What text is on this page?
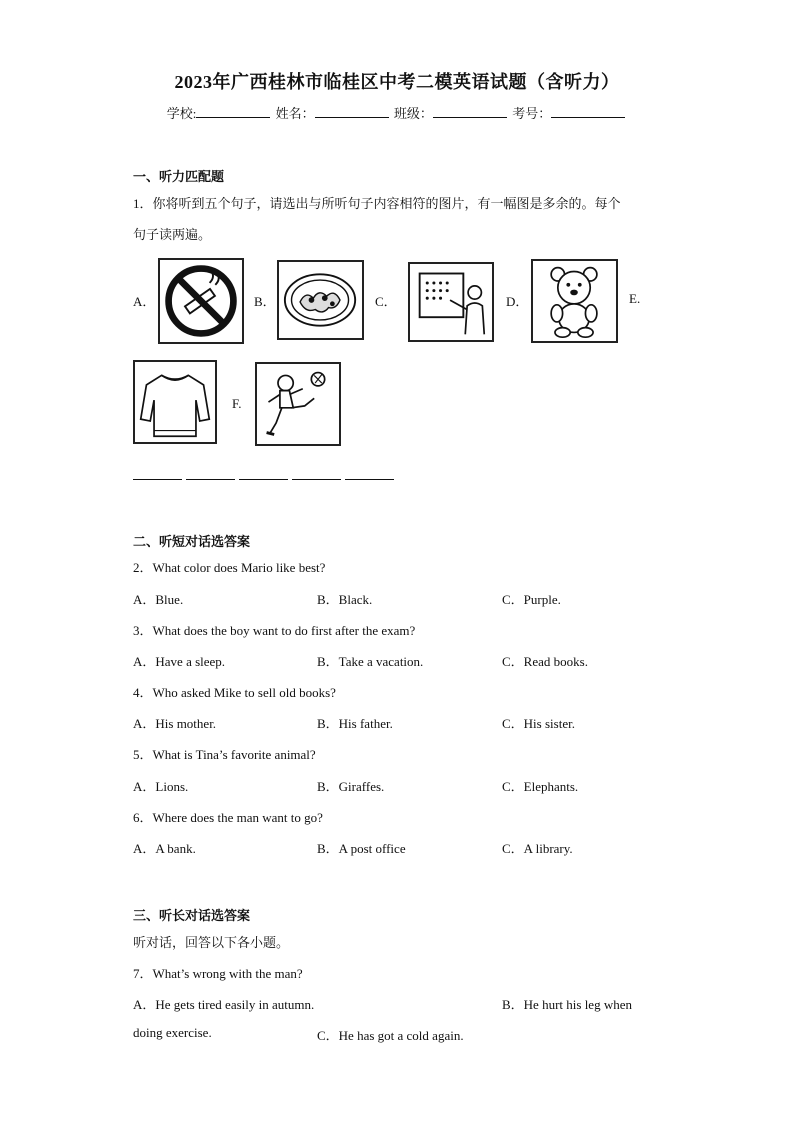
2023年广西桂林市临桂区中考二模英语试题（含听力）
学校:	姓名：	班级：	考号：
一、听力匹配题
1．你将听到五个句子，请选出与所听句子内容相符的图片，有一幅图是多余的。每个
句子读两遍。
A．	B．	C．	D．	E.
F.
二、听短对话选答案
2．What color does Mario like best?
A．Blue.	B．Black.	C．Purple.
3．What does the boy want to do first after the exam?
A．Have a sleep.	B．Take a vacation.	C．Read books.
4．Who asked Mike to sell old books?
A．His mother.	B．His father.	C．His sister.
5．What is Tina’s favorite animal?
A．Lions.	B．Giraffes.	C．Elephants.
6．Where does the man want to go?
A．A bank.	B．A post office	C．A library.
三、听长对话选答案
听对话，回答以下各小题。
7．What’s wrong with the man?
A．He gets tired easily in autumn.	B．He hurt his leg when
doing exercise.	C．He has got a cold again.
